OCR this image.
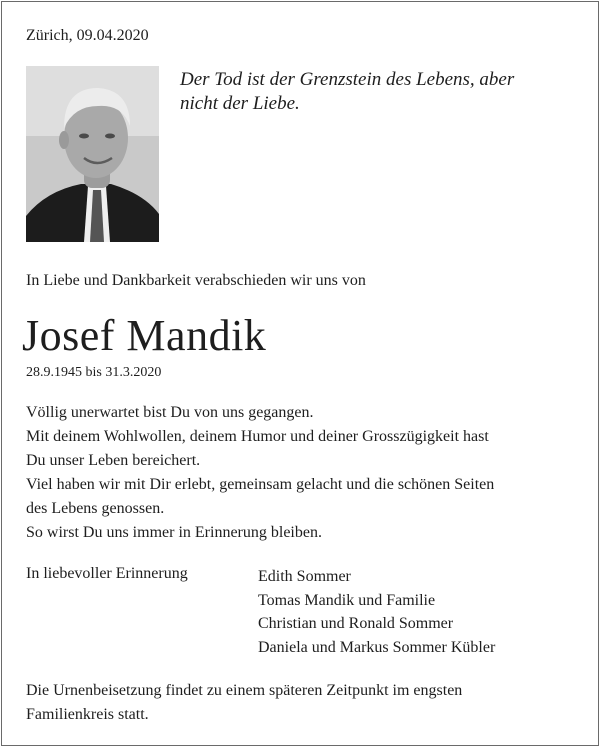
Zürich, 09.04.2020
Der Tod ist der Grenzstein des Lebens, aber
nicht der Liebe.
In Liebe und Dankbarkeit verabschieden wir uns von
Josef Mandik
28.9.1945 bis 31.3.2020
Völlig unerwartet bist Du von uns gegangen.
Mit deinem Wohlwollen, deinem Humor und deiner Grosszügigkeit hast
Du unser Leben bereichert.
Viel haben wir mit Dir erlebt, gemeinsam gelacht und die schönen Seiten
des Lebens genossen.
So wirst Du uns immer in Erinnerung bleiben.
In liebevoller Erinnerung	Edith Sommer
Tomas Mandik und Familie
Christian und Ronald Sommer
Daniela und Markus Sommer Kübler
Die Urnenbeisetzung findet zu einem späteren Zeitpunkt im engsten
Familienkreis statt.
